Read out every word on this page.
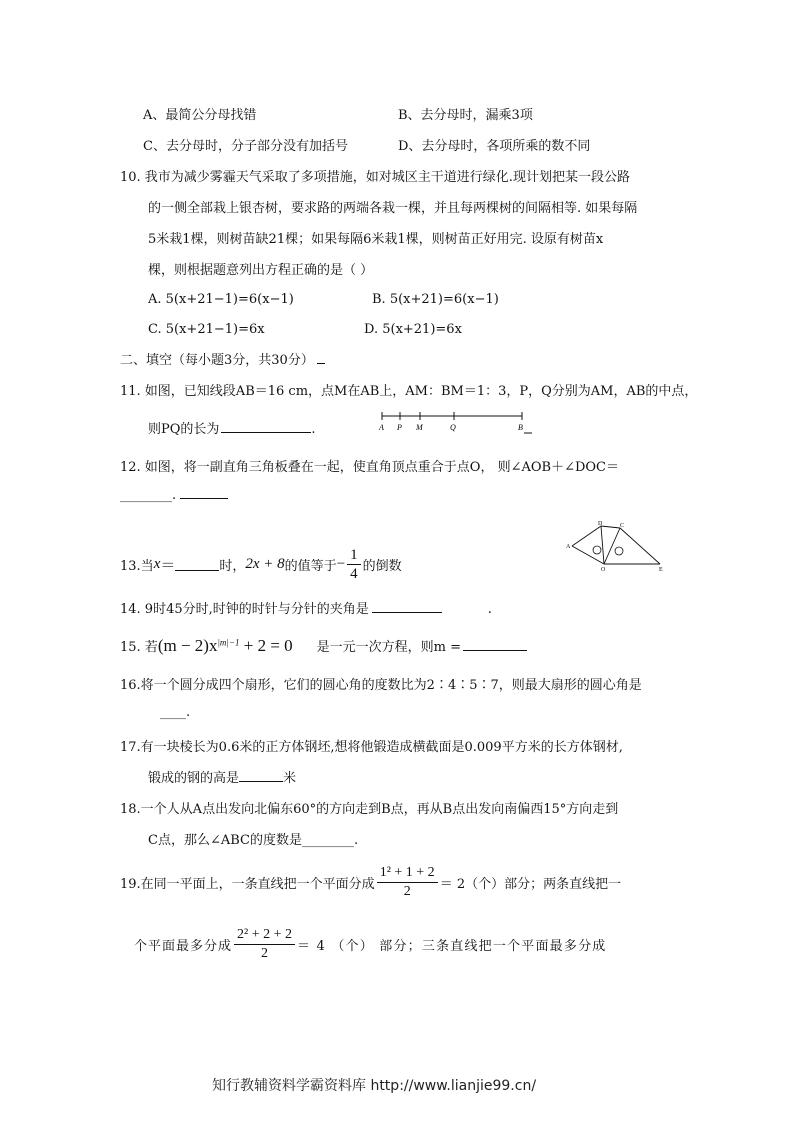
A、最简公分母找错	B、去分母时，漏乘3项
C、去分母时，分子部分没有加括号	D、去分母时，各项所乘的数不同
10. 我市为减少雾霾天气采取了多项措施，如对城区主干道进行绿化.现计划把某一段公路
的一侧全部栽上银杏树，要求路的两端各栽一棵，并且每两棵树的间隔相等. 如果每隔
5米栽1棵，则树苗缺21棵；如果每隔6米栽1棵，则树苗正好用完. 设原有树苗x
棵，则根据题意列出方程正确的是（ ）
A. 5(x+21−1)=6(x−1)	B. 5(x+21)=6(x−1)
C. 5(x+21−1)=6x	D. 5(x+21)=6x
二、填空（每小题3分，共30分）
11. 如图，已知线段AB＝16 cm，点M在AB上，AM：BM＝1：3，P，Q分别为AM，AB的中点，
则PQ的长为	.	A P M	Q	B
12. 如图，将一副直角三角板叠在一起，使直角顶点重合于点O， 则∠AOB＋∠DOC＝
________.
D	C
A
O	E
13.当x＝	时，2x + 8的值等于− $\frac{1}{4}$ 的倒数
14. 9时45分时,时钟的时针与分针的夹角是	.
15. 若$(m - 2)x^{|m|-1} + 2 = 0$ 是一元一次方程，则m =
16.将一个圆分成四个扇形，它们的圆心角的度数比为2∶4∶5∶7，则最大扇形的圆心角是
____.
17.有一块棱长为0.6米的正方体钢坯,想将他锻造成横截面是0.009平方米的长方体钢材,
锻成的钢的高是	米
18.一个人从A点出发向北偏东60°的方向走到B点，再从B点出发向南偏西15°方向走到
C点，那么∠ABC的度数是________.
19.在同一平面上，一条直线把一个平面分成 $\frac{\text{1² + 1 + 2}}{2} = 2$（个）部分；两条直线把一
个平面最多分成 $\frac{\text{2² + 2 + 2}}{2} = 4$ （个） 部分；三条直线把一个平面最多分成
知行教辅资料学霸资料库 http://www.lianjie99.cn/
